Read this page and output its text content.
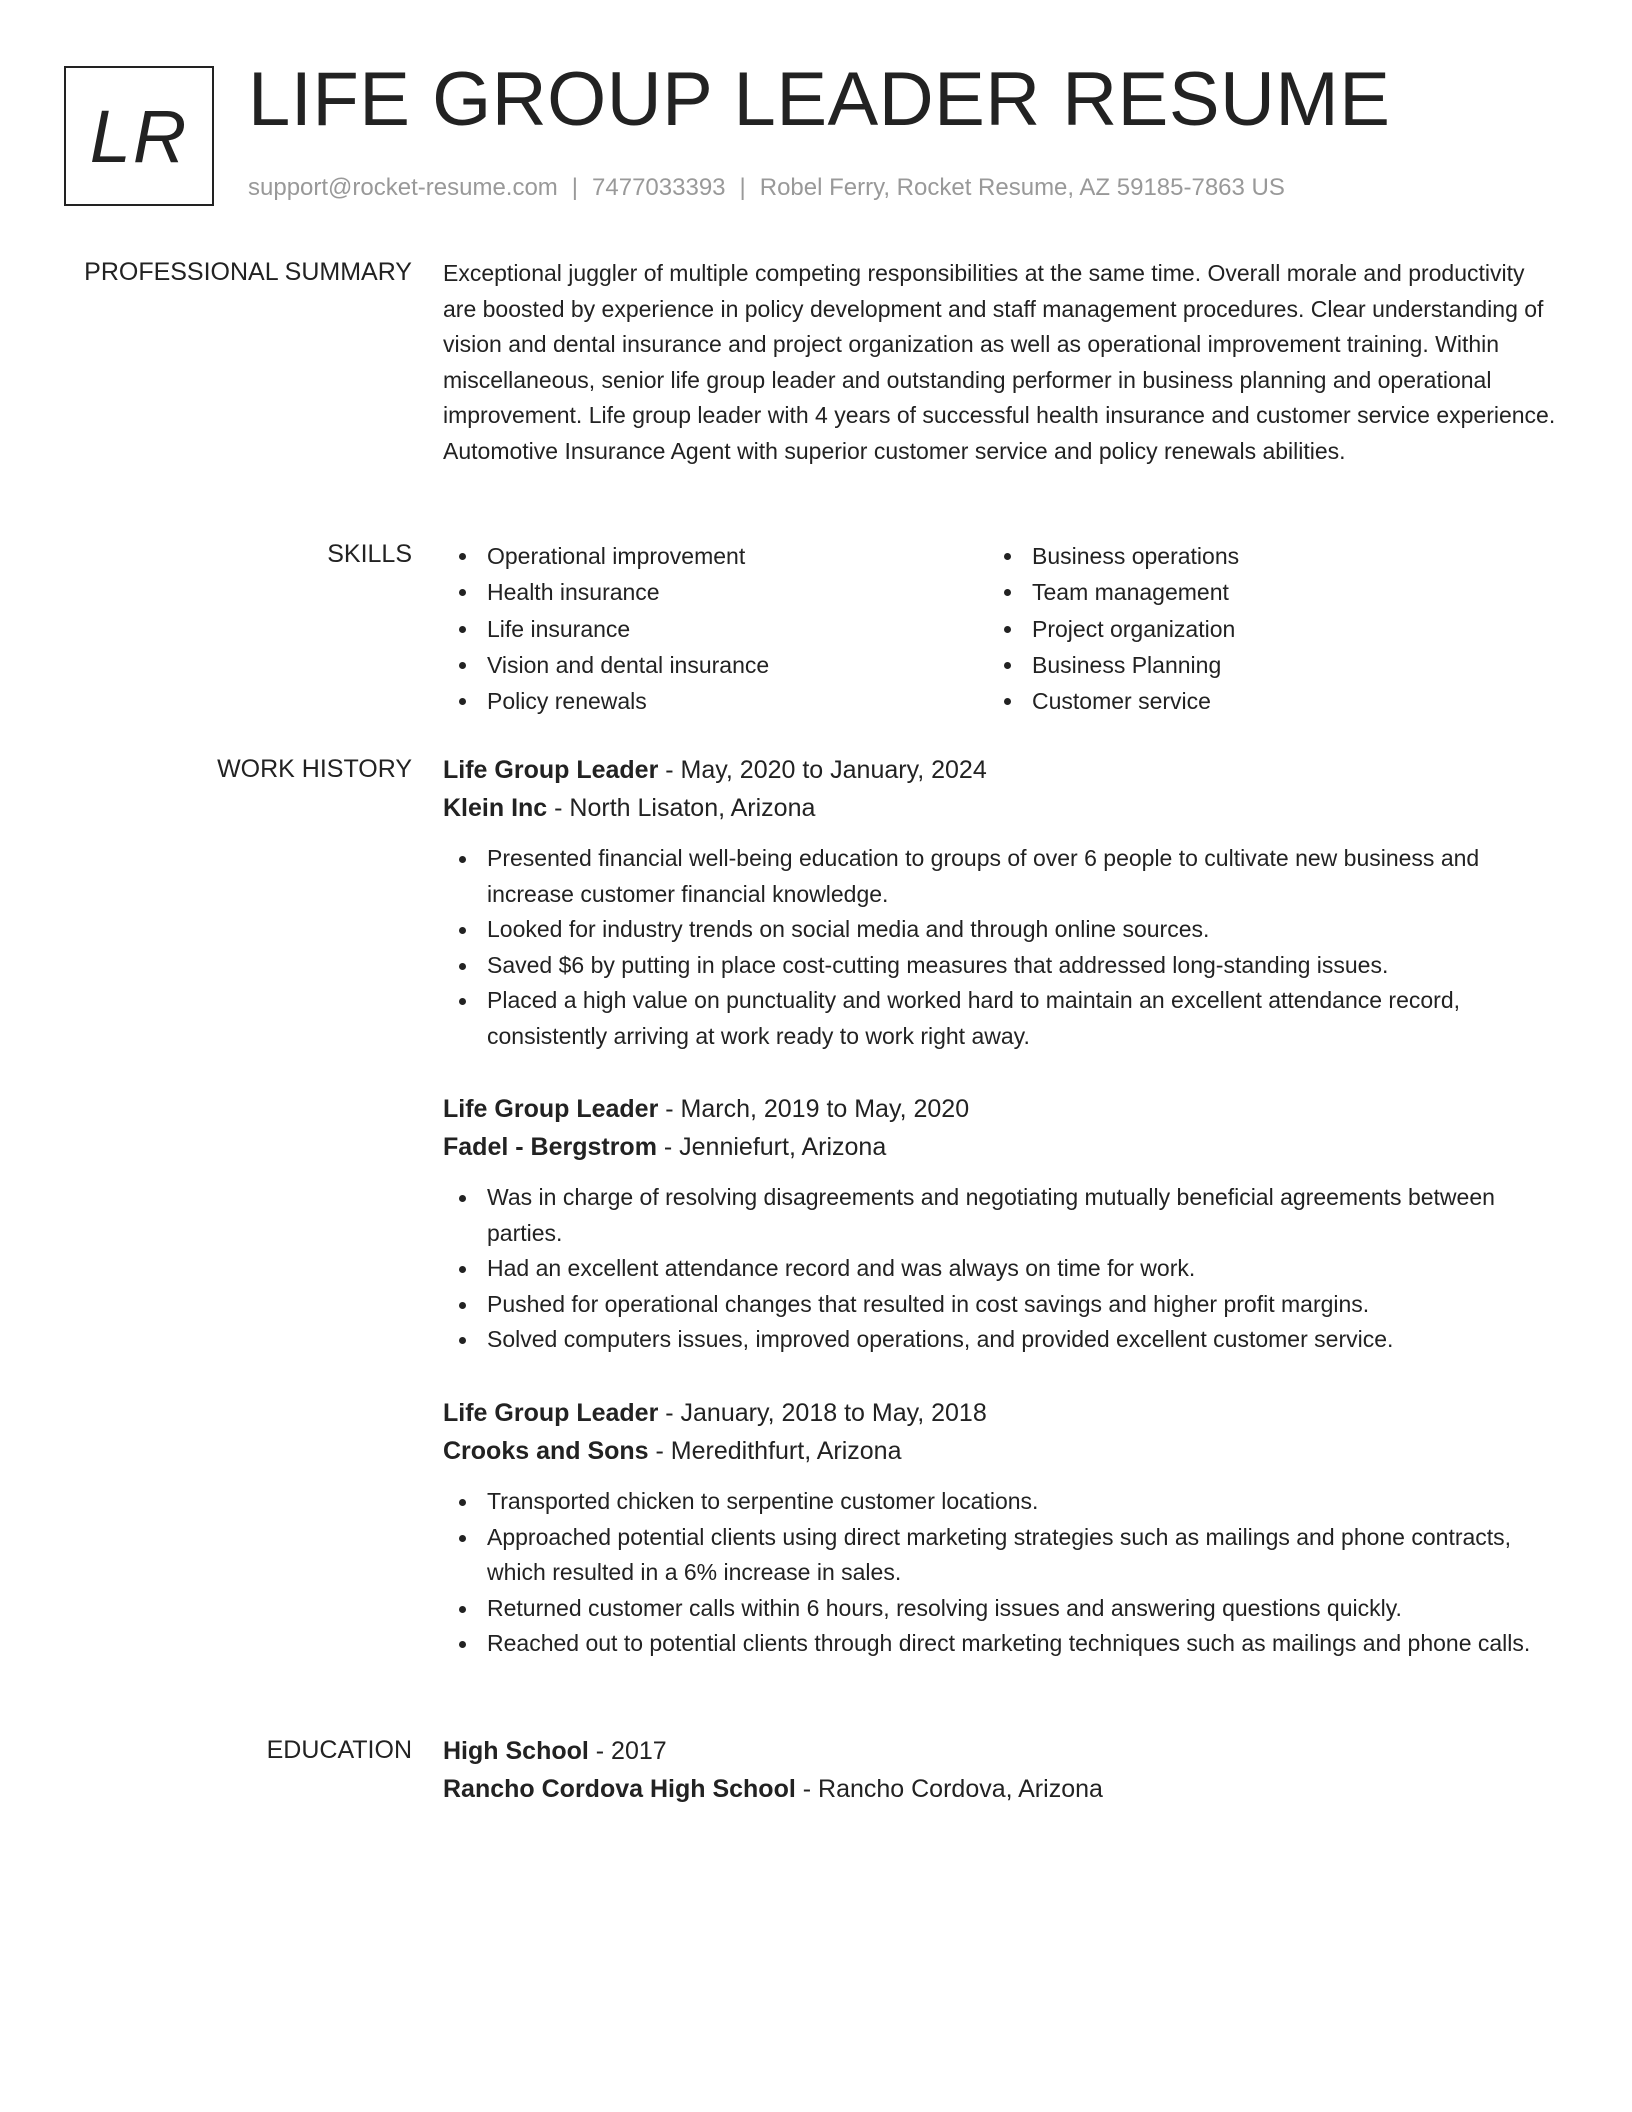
LR LIFE GROUP LEADER RESUME
support@rocket-resume.com | 7477033393 | Robel Ferry, Rocket Resume, AZ 59185-7863 US
PROFESSIONAL SUMMARY Exceptional juggler of multiple competing responsibilities at the same time. Overall morale and productivity are boosted by experience in policy development and staff management procedures. Clear understanding of vision and dental insurance and project organization as well as operational improvement training. Within miscellaneous, senior life group leader and outstanding performer in business planning and operational improvement. Life group leader with 4 years of successful health insurance and customer service experience. Automotive Insurance Agent with superior customer service and policy renewals abilities.
SKILLS	Operational improvement
Health insurance
Life insurance
Vision and dental insurance
Policy renewals
Business operations
Team management
Project organization
Business Planning
Customer service
WORK HISTORY Life Group Leader - May, 2020 to January, 2024
Klein Inc - North Lisaton, Arizona
Presented financial well-being education to groups of over 6 people to cultivate new business and increase customer financial knowledge.
Looked for industry trends on social media and through online sources.
Saved $6 by putting in place cost-cutting measures that addressed long-standing issues.
Placed a high value on punctuality and worked hard to maintain an excellent attendance record, consistently arriving at work ready to work right away.
Life Group Leader - March, 2019 to May, 2020
Fadel - Bergstrom - Jenniefurt, Arizona
Was in charge of resolving disagreements and negotiating mutually beneficial agreements between parties.
Had an excellent attendance record and was always on time for work.
Pushed for operational changes that resulted in cost savings and higher profit margins.
Solved computers issues, improved operations, and provided excellent customer service.
Life Group Leader - January, 2018 to May, 2018
Crooks and Sons - Meredithfurt, Arizona
Transported chicken to serpentine customer locations.
Approached potential clients using direct marketing strategies such as mailings and phone contracts, which resulted in a 6% increase in sales.
Returned customer calls within 6 hours, resolving issues and answering questions quickly.
Reached out to potential clients through direct marketing techniques such as mailings and phone calls.
EDUCATION High School - 2017
Rancho Cordova High School - Rancho Cordova, Arizona
